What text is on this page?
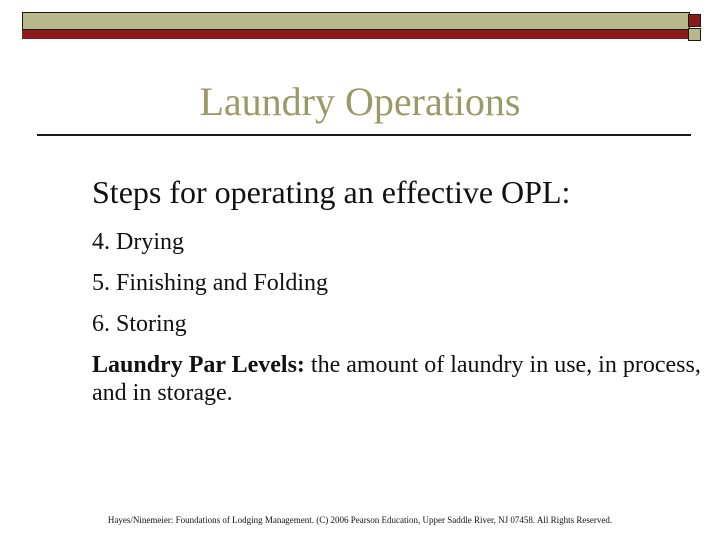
Laundry Operations
Steps for operating an effective OPL:
4. Drying
5. Finishing and Folding
6. Storing

Laundry Par Levels: the amount of laundry in use, in process, and in storage.

Hayes/Ninemeier: Foundations of Lodging Management. (C) 2006 Pearson Education, Upper Saddle River, NJ 07458. All Rights Reserved.
